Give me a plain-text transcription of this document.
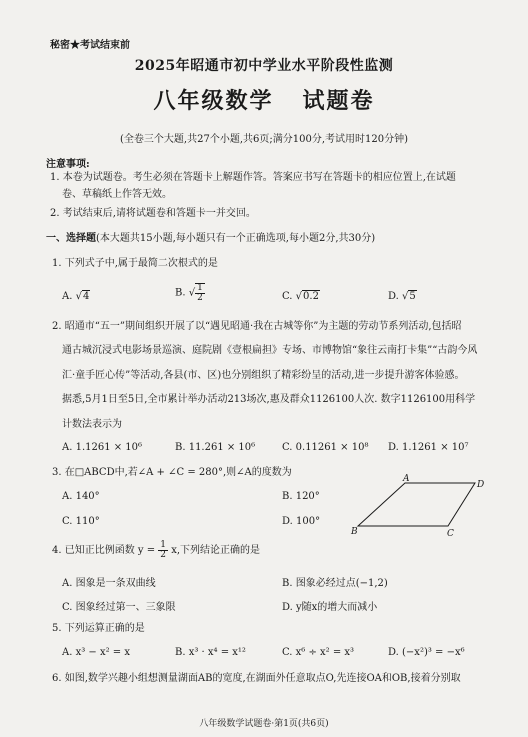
秘密★考试结束前
2025年昭通市初中学业水平阶段性监测
八年级数学   试题卷
(全卷三个大题,共27个小题,共6页;满分100分,考试用时120分钟)
注意事项:
1. 本卷为试题卷。考生必须在答题卡上解题作答。答案应书写在答题卡的相应位置上,在试题
卷、草稿纸上作答无效。
2. 考试结束后,请将试题卷和答题卡一并交回。
一、选择题(本大题共15小题,每小题只有一个正确选项,每小题2分,共30分)
1. 下列式子中,属于最简二次根式的是
A. √4	B. √ $\frac{1}{2}$	C. √0.2	D. √5
2. 昭通市“五一”期间组织开展了以“遇见昭通·我在古城等你”为主题的劳动节系列活动,包括昭
通古城沉浸式电影场景巡演、庭院剧《壹根扁担》专场、市博物馆“象往云南打卡集”“古韵今风
汇·童手匠心传”等活动,各县(市、区)也分别组织了精彩纷呈的活动,进一步提升游客体验感。
据悉,5月1日至5日,全市累计举办活动213场次,惠及群众1126100人次. 数字1126100用科学
计数法表示为
A. 1.1261 × 10⁶	B. 11.261 × 10⁶	C. 0.11261 × 10⁸ D. 1.1261 × 10⁷
3. 在□ABCD中,若∠A + ∠C = 280°,则∠A的度数为
A. 140°	B. 120°
C. 110°	D. 100°
A
D
B	C
4. 已知正比例函数 $y = \frac{1}{2} x$,下列结论正确的是
A. 图象是一条双曲线	B. 图象必经过点(−1,2)
C. 图象经过第一、三象限	D. y随x的增大而减小
5. 下列运算正确的是
A. x³ − x² = x	B. x³ · x⁴ = x¹²	C. x⁶ ÷ x² = x³	D. (−x²)³ = −x⁶
6. 如图,数学兴趣小组想测量湖面AB的宽度,在湖面外任意取点O,先连接OA和OB,接着分别取
八年级数学试题卷·第1页(共6页)
